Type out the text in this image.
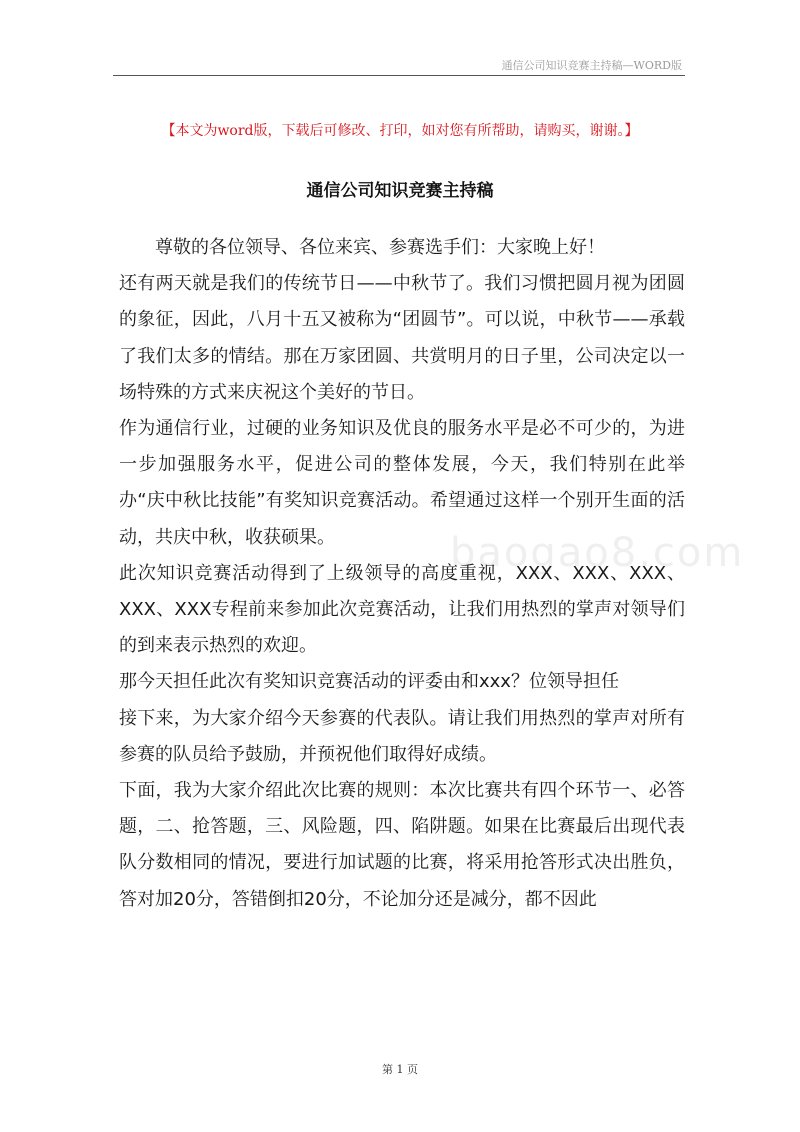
通信公司知识竞赛主持稿—WORD版
【本文为word版，下载后可修改、打印，如对您有所帮助，请购买，谢谢。】
通信公司知识竞赛主持稿
baogao8.com

尊敬的各位领导、各位来宾、参赛选手们：大家晚上好！

还有两天就是我们的传统节日——中秋节了。我们习惯把圆月视为团圆的象征，因此，八月十五又被称为“团圆节”。可以说，中秋节——承载了我们太多的情结。那在万家团圆、共赏明月的日子里，公司决定以一场特殊的方式来庆祝这个美好的节日。

作为通信行业，过硬的业务知识及优良的服务水平是必不可少的，为进一步加强服务水平，促进公司的整体发展，今天，我们特别在此举办“庆中秋比技能”有奖知识竞赛活动。希望通过这样一个别开生面的活动，共庆中秋，收获硕果。

此次知识竞赛活动得到了上级领导的高度重视，XXX、XXX、XXX、XXX、XXX专程前来参加此次竞赛活动，让我们用热烈的掌声对领导们的到来表示热烈的欢迎。

那今天担任此次有奖知识竞赛活动的评委由和xxx？位领导担任

接下来，为大家介绍今天参赛的代表队。请让我们用热烈的掌声对所有参赛的队员给予鼓励，并预祝他们取得好成绩。

下面，我为大家介绍此次比赛的规则：本次比赛共有四个环节一、必答题，二、抢答题，三、风险题，四、陷阱题。如果在比赛最后出现代表队分数相同的情况，要进行加试题的比赛，将采用抢答形式决出胜负，答对加20分，答错倒扣20分，不论加分还是减分，都不因此

第 1 页
